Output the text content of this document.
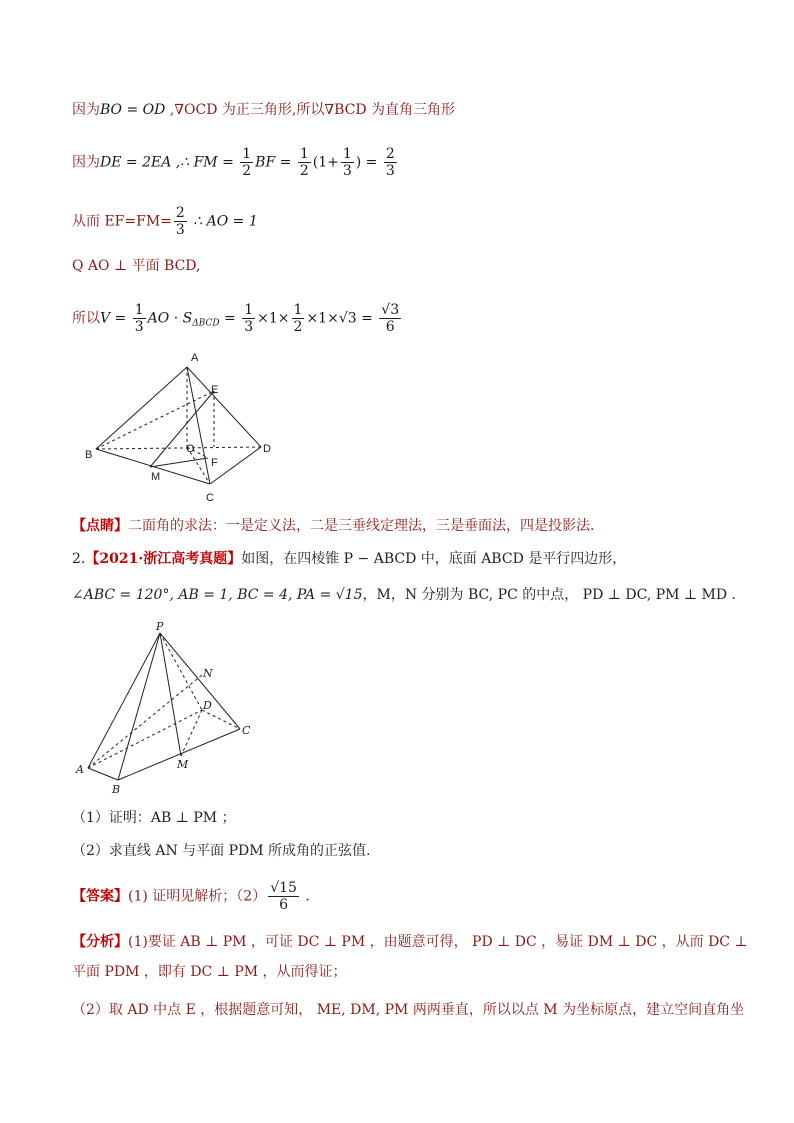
因为BO = OD ,∇OCD 为正三角形,所以∇BCD 为直角三角形
因为DE = 2EA ,∴ FM = $\frac{1}{2}$ BF = $\frac{1}{2} (1+ \frac{1}{3}$ ) = $\frac{2}{3}$
从而 $EF=FM= \frac{2}{3}$ ∴ AO = 1
Q AO ⊥ 平面 BCD,
所以$V = \frac{1}{3}$ AO · $S_{\Delta BCD} = \frac{1}{3} \times 1\times \frac{1}{2} \times 1\times√3 = \frac{√3}{6}$
A
E
B	O
F
D
M
C
【点睛】二面角的求法：一是定义法，二是三垂线定理法，三是垂面法，四是投影法.
2.【2021·浙江高考真题】如图，在四棱锥 P − ABCD 中，底面 ABCD 是平行四边形，
∠ABC = 120°, AB = 1, BC = 4, PA = √15，M，N 分别为 BC, PC 的中点， PD ⊥ DC, PM ⊥ MD .
P
N
D
C
A	M
B
（1）证明：AB ⊥ PM ；
（2）求直线 AN 与平面 PDM 所成角的正弦值.
【答案】(1) 证明见解析；$(2) \frac{√15}{6}$ .
【分析】(1)要证 AB ⊥ PM ，可证 DC ⊥ PM ，由题意可得， PD ⊥ DC ，易证 DM ⊥ DC ，从而 DC ⊥
平面 PDM ，即有 DC ⊥ PM ，从而得证；
（2）取 AD 中点 E ，根据题意可知， ME, DM, PM 两两垂直，所以以点 M 为坐标原点，建立空间直角坐
